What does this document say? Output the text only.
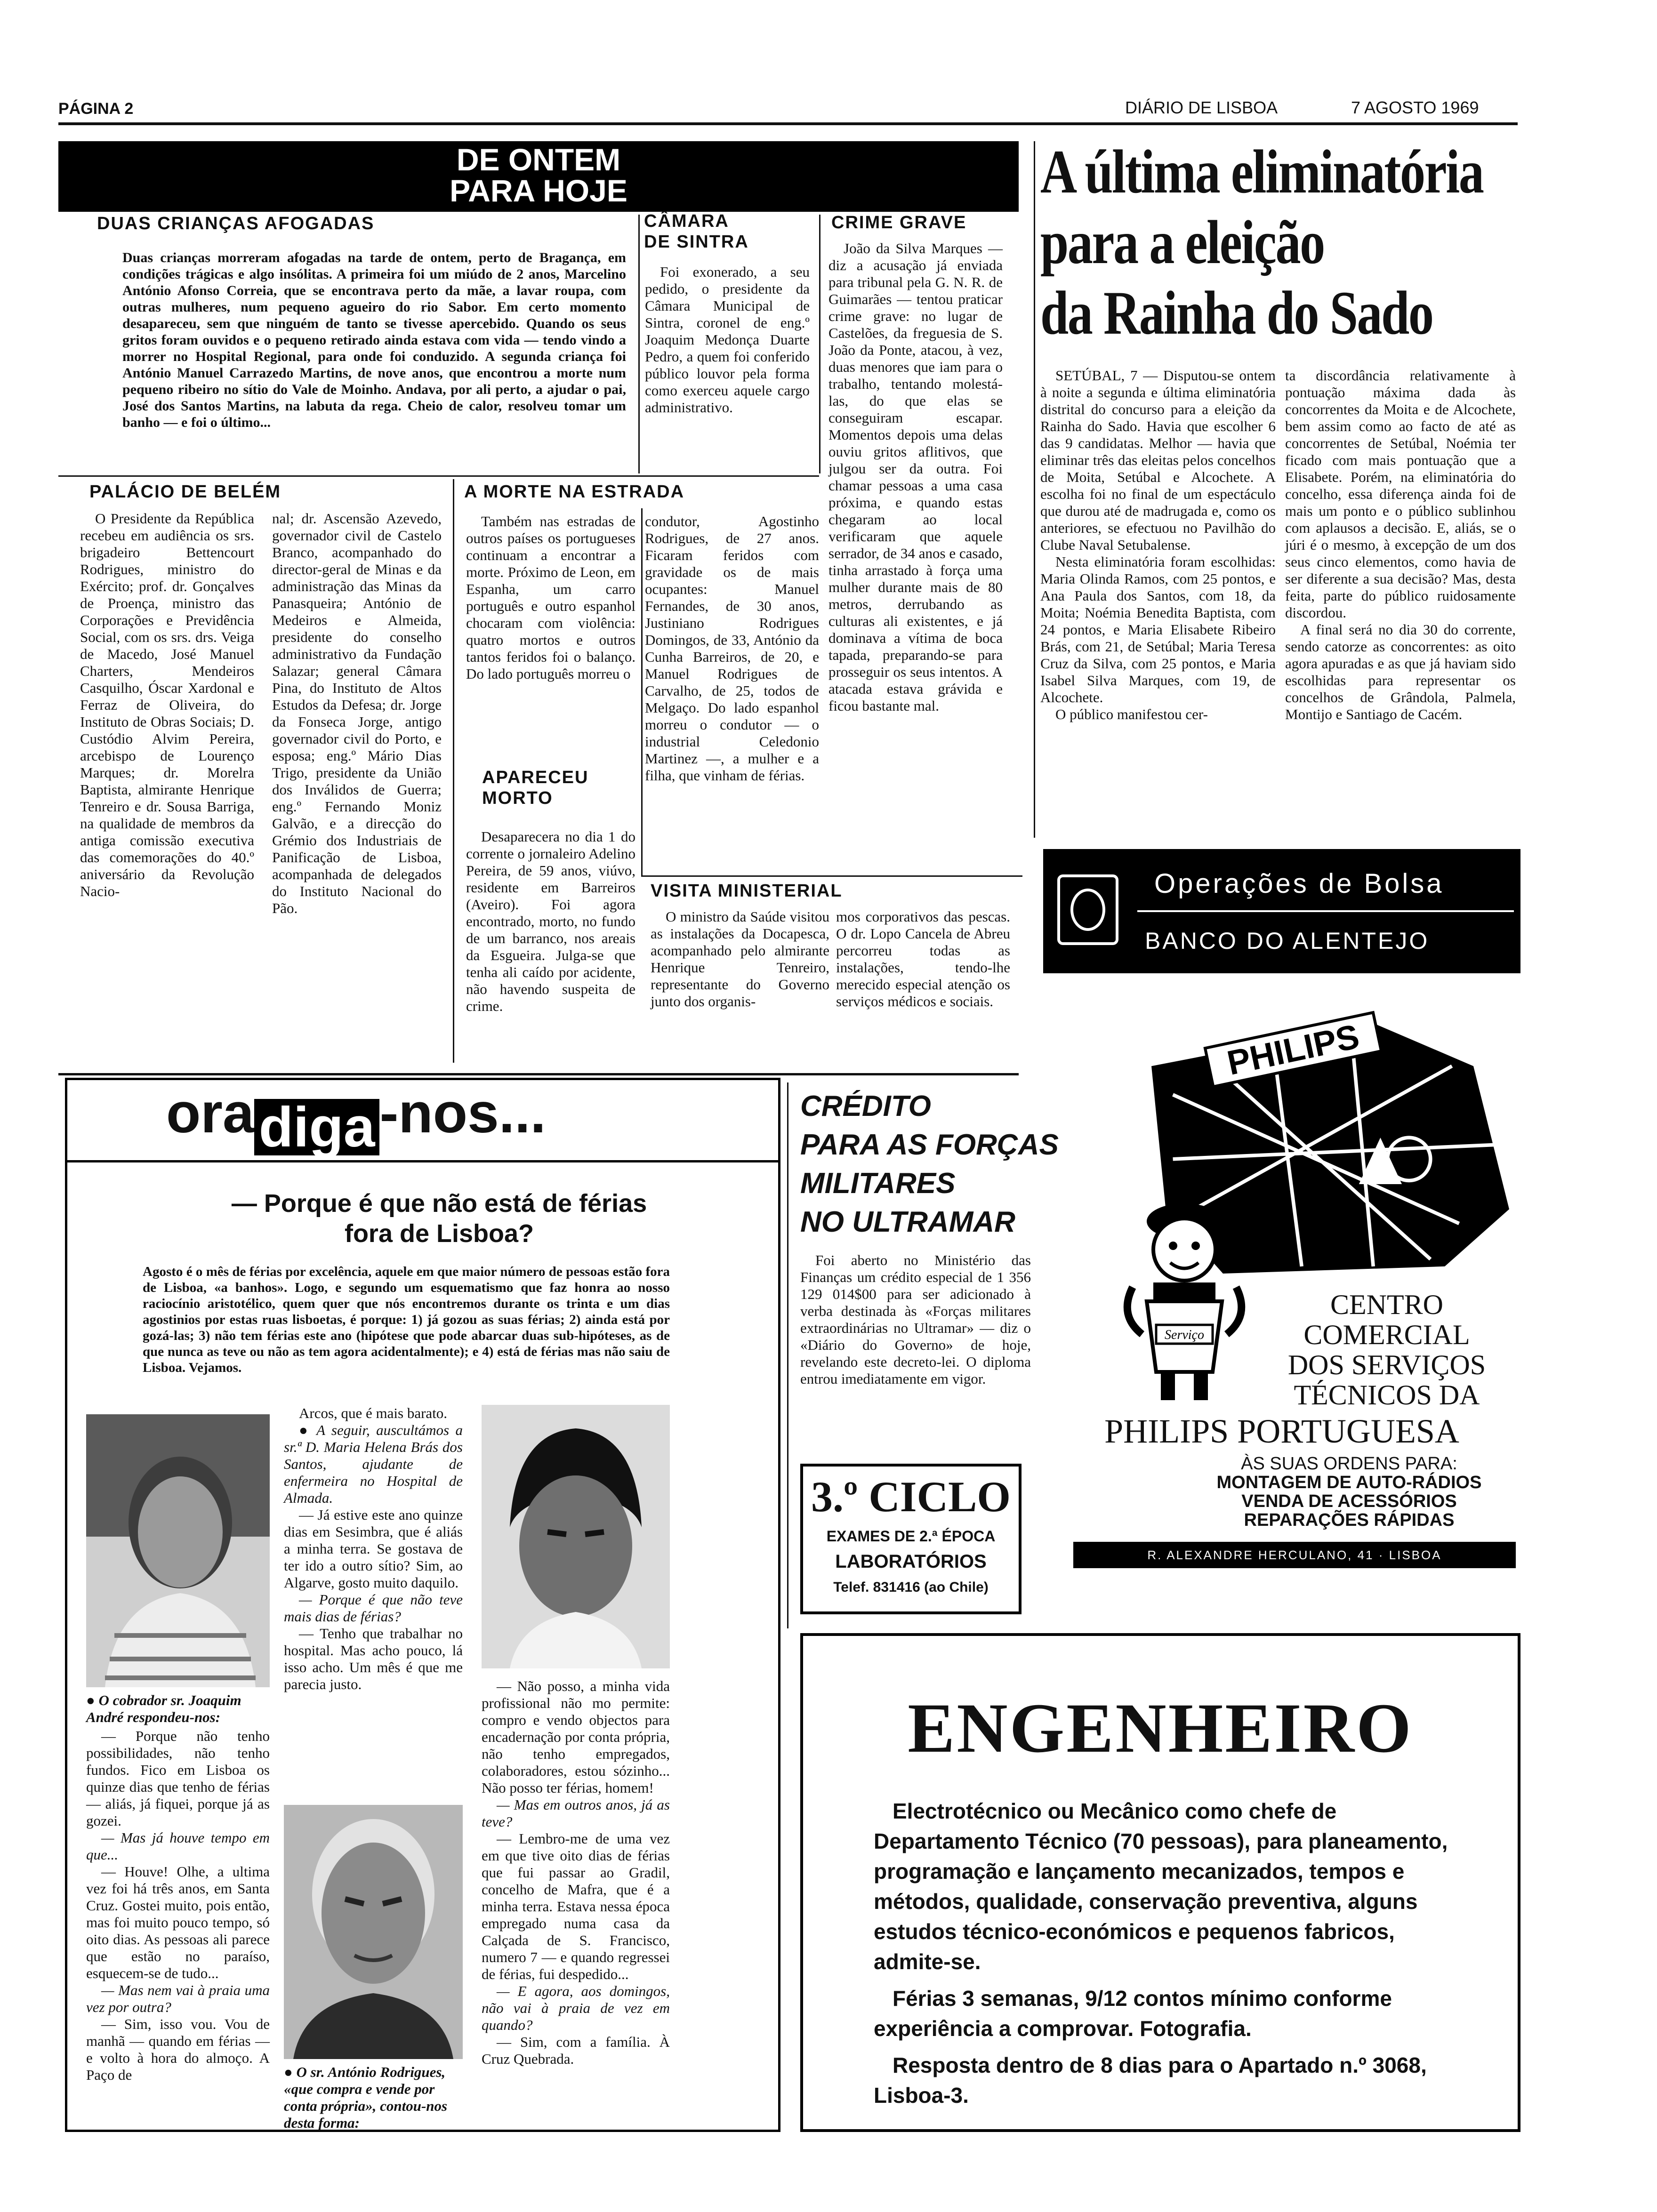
PÁGINA 2	DIÁRIO DE LISBOA	7 AGOSTO 1969
DE ONTEM
PARA HOJE
DUAS CRIANÇAS AFOGADAS

Duas crianças morreram afogadas na tarde de ontem, perto de Bragança, em condições trágicas e algo insólitas. A primeira foi um miúdo de 2 anos, Marcelino António Afonso Correia, que se encontrava perto da mãe, a lavar roupa, com outras mulheres, num pequeno agueiro do rio Sabor. Em certo momento desapareceu, sem que ninguém de tanto se tivesse apercebido. Quando os seus gritos foram ouvidos e o pequeno retirado ainda estava com vida — tendo vindo a morrer no Hospital Regional, para onde foi conduzido. A segunda criança foi António Manuel Carrazedo Martins, de nove anos, que encontrou a morte num pequeno ribeiro no sítio do Vale de Moinho. Andava, por ali perto, a ajudar o pai, José dos Santos Martins, na labuta da rega. Cheio de calor, resolveu tomar um banho — e foi o último...

CÂMARA
DE SINTRA

Foi exonerado, a seu pedido, o presidente da Câmara Municipal de Sintra, coronel de eng.º Joaquim Medonça Duarte Pedro, a quem foi conferido público louvor pela forma como exerceu aquele cargo administrativo.

CRIME GRAVE

João da Silva Marques — diz a acusação já enviada para tribunal pela G. N. R. de Guimarães — tentou praticar crime grave: no lugar de Castelões, da freguesia de S. João da Ponte, atacou, à vez, duas menores que iam para o trabalho, tentando molestá-las, do que elas se conseguiram escapar. Momentos depois uma delas ouviu gritos aflitivos, que julgou ser da outra. Foi chamar pessoas a uma casa próxima, e quando estas chegaram ao local verificaram que aquele serrador, de 34 anos e casado, tinha arrastado à força uma mulher durante mais de 80 metros, derrubando as culturas ali existentes, e já dominava a vítima de boca tapada, preparando-se para prosseguir os seus intentos. A atacada estava grávida e ficou bastante mal.

PALÁCIO DE BELÉM

O Presidente da República recebeu em audiência os srs. brigadeiro Bettencourt Rodrigues, ministro do Exército; prof. dr. Gonçalves de Proença, ministro das Corporações e Previdência Social, com os srs. drs. Veiga de Macedo, José Manuel Charters, Mendeiros Casquilho, Óscar Xardonal e Ferraz de Oliveira, do Instituto de Obras Sociais; D. Custódio Alvim Pereira, arcebispo de Lourenço Marques; dr. Morelra Baptista, almirante Henrique Tenreiro e dr. Sousa Barriga, na qualidade de membros da antiga comissão executiva das comemorações do 40.º aniversário da Revolução Nacio-

nal; dr. Ascensão Azevedo, governador civil de Castelo Branco, acompanhado do director-geral de Minas e da administração das Minas da Panasqueira; António de Medeiros e Almeida, presidente do conselho administrativo da Fundação Salazar; general Câmara Pina, do Instituto de Altos Estudos da Defesa; dr. Jorge da Fonseca Jorge, antigo governador civil do Porto, e esposa; eng.º Mário Dias Trigo, presidente da União dos Inválidos de Guerra; eng.º Fernando Moniz Galvão, e a direcção do Grémio dos Industriais de Panificação de Lisboa, acompanhada de delegados do Instituto Nacional do Pão.

A MORTE NA ESTRADA

Também nas estradas de outros países os portugueses continuam a encontrar a morte. Próximo de Leon, em Espanha, um carro português e outro espanhol chocaram com violência: quatro mortos e outros tantos feridos foi o balanço. Do lado português morreu o

condutor, Agostinho Rodrigues, de 27 anos. Ficaram feridos com gravidade os de mais ocupantes: Manuel Fernandes, de 30 anos, Justiniano Rodrigues Domingos, de 33, António da Cunha Barreiros, de 20, e Manuel Rodrigues de Carvalho, de 25, todos de Melgaço. Do lado espanhol morreu o condutor — o industrial Celedonio Martinez —, a mulher e a filha, que vinham de férias.

APARECEU
MORTO

Desaparecera no dia 1 do corrente o jornaleiro Adelino Pereira, de 59 anos, viúvo, residente em Barreiros (Aveiro). Foi agora encontrado, morto, no fundo de um barranco, nos areais da Esgueira. Julga-se que tenha ali caído por acidente, não havendo suspeita de crime.

VISITA MINISTERIAL

O ministro da Saúde visitou as instalações da Docapesca, acompanhado pelo almirante Henrique Tenreiro, representante do Governo junto dos organis-

mos corporativos das pescas. O dr. Lopo Cancela de Abreu percorreu todas as instalações, tendo-lhe merecido especial atenção os serviços médicos e sociais.

A última eliminatória
para a eleição
da Rainha do Sado

SETÚBAL, 7 — Disputou-se ontem à noite a segunda e última eliminatória distrital do concurso para a eleição da Rainha do Sado. Havia que escolher 6 das 9 candidatas. Melhor — havia que eliminar três das eleitas pelos concelhos de Moita, Setúbal e Alcochete. A escolha foi no final de um espectáculo que durou até de madrugada e, como os anteriores, se efectuou no Pavilhão do Clube Naval Setubalense.

Nesta eliminatória foram escolhidas: Maria Olinda Ramos, com 25 pontos, e Ana Paula dos Santos, com 18, da Moita; Noémia Benedita Baptista, com 24 pontos, e Maria Elisabete Ribeiro Brás, com 21, de Setúbal; Maria Teresa Cruz da Silva, com 25 pontos, e Maria Isabel Silva Marques, com 19, de Alcochete.

O público manifestou cer-

ta discordância relativamente à pontuação máxima dada às concorrentes da Moita e de Alcochete, bem assim como ao facto de até as concorrentes de Setúbal, Noémia ter ficado com mais pontuação que a Elisabete. Porém, na eliminatória do concelho, essa diferença ainda foi de mais um ponto e o público sublinhou com aplausos a decisão. E, aliás, se o júri é o mesmo, à excepção de um dos seus cinco elementos, como havia de ser diferente a sua decisão? Mas, desta feita, parte do público ruidosamente discordou.

A final será no dia 30 do corrente, sendo catorze as concorrentes: as oito agora apuradas e as que já haviam sido escolhidas para representar os concelhos de Grândola, Palmela, Montijo e Santiago de Cacém.

Operações de Bolsa
BANCO DO ALENTEJO
PHILIPS
Serviço
CENTRO
COMERCIAL
DOS SERVIÇOS
TÉCNICOS DA
PHILIPS PORTUGUESA
ÀS SUAS ORDENS PARA:
MONTAGEM DE AUTO-RÁDIOS
VENDA DE ACESSÓRIOS
REPARAÇÕES RÁPIDAS
R. ALEXANDRE HERCULANO, 41 · LISBOA
oradiga-nos...
— Porque é que não está de férias
fora de Lisboa?

Agosto é o mês de férias por excelência, aquele em que maior número de pessoas estão fora de Lisboa, «a banhos». Logo, e segundo um esquematismo que faz honra ao nosso raciocínio aristotélico, quem quer que nós encontremos durante os trinta e um dias agostinios por estas ruas lisboetas, é porque: 1) já gozou as suas férias; 2) ainda está por gozá-las; 3) não tem férias este ano (hipótese que pode abarcar duas sub-hipóteses, as de que nunca as teve ou não as tem agora acidentalmente); e 4) está de férias mas não saiu de Lisboa. Vejamos.

● O cobrador sr. Joaquim André respondeu-nos:

— Porque não tenho possibilidades, não tenho fundos. Fico em Lisboa os quinze dias que tenho de férias — aliás, já fiquei, porque já as gozei.

— Mas já houve tempo em que...

— Houve! Olhe, a ultima vez foi há três anos, em Santa Cruz. Gostei muito, pois então, mas foi muito pouco tempo, só oito dias. As pessoas ali parece que estão no paraíso, esquecem-se de tudo...

— Mas nem vai à praia uma vez por outra?

— Sim, isso vou. Vou de manhã — quando em férias — e volto à hora do almoço. A Paço de

Arcos, que é mais barato.

● A seguir, auscultámos a sr.ª D. Maria Helena Brás dos Santos, ajudante de enfermeira no Hospital de Almada.

— Já estive este ano quinze dias em Sesimbra, que é aliás a minha terra. Se gostava de ter ido a outro sítio? Sim, ao Algarve, gosto muito daquilo.

— Porque é que não teve mais dias de férias?

— Tenho que trabalhar no hospital. Mas acho pouco, lá isso acho. Um mês é que me parecia justo.

● O sr. António Rodrigues, «que compra e vende por conta própria», contou-nos desta forma:

— Não posso, a minha vida profissional não mo permite: compro e vendo objectos para encadernação por conta própria, não tenho empregados, colaboradores, estou sózinho... Não posso ter férias, homem!

— Mas em outros anos, já as teve?

— Lembro-me de uma vez em que tive oito dias de férias que fui passar ao Gradil, concelho de Mafra, que é a minha terra. Estava nessa época empregado numa casa da Calçada de S. Francisco, numero 7 — e quando regressei de férias, fui despedido...

— E agora, aos domingos, não vai à praia de vez em quando?

— Sim, com a família. À Cruz Quebrada.

CRÉDITO
PARA AS FORÇAS
MILITARES
NO ULTRAMAR

Foi aberto no Ministério das Finanças um crédito especial de 1 356 129 014$00 para ser adicionado à verba destinada às «Forças militares extraordinárias no Ultramar» — diz o «Diário do Governo» de hoje, revelando este decreto-lei. O diploma entrou imediatamente em vigor.

3.º CICLO
EXAMES DE 2.ª ÉPOCA
LABORATÓRIOS
Telef. 831416 (ao Chile)
ENGENHEIRO

Electrotécnico ou Mecânico como chefe de Departamento Técnico (70 pessoas), para planeamento, programação e lançamento mecanizados, tempos e métodos, qualidade, conservação preventiva, alguns estudos técnico-económicos e pequenos fabricos, admite-se.

Férias 3 semanas, 9/12 contos mínimo conforme experiência a comprovar. Fotografia.

Resposta dentro de 8 dias para o Apartado n.º 3068, Lisboa-3.
